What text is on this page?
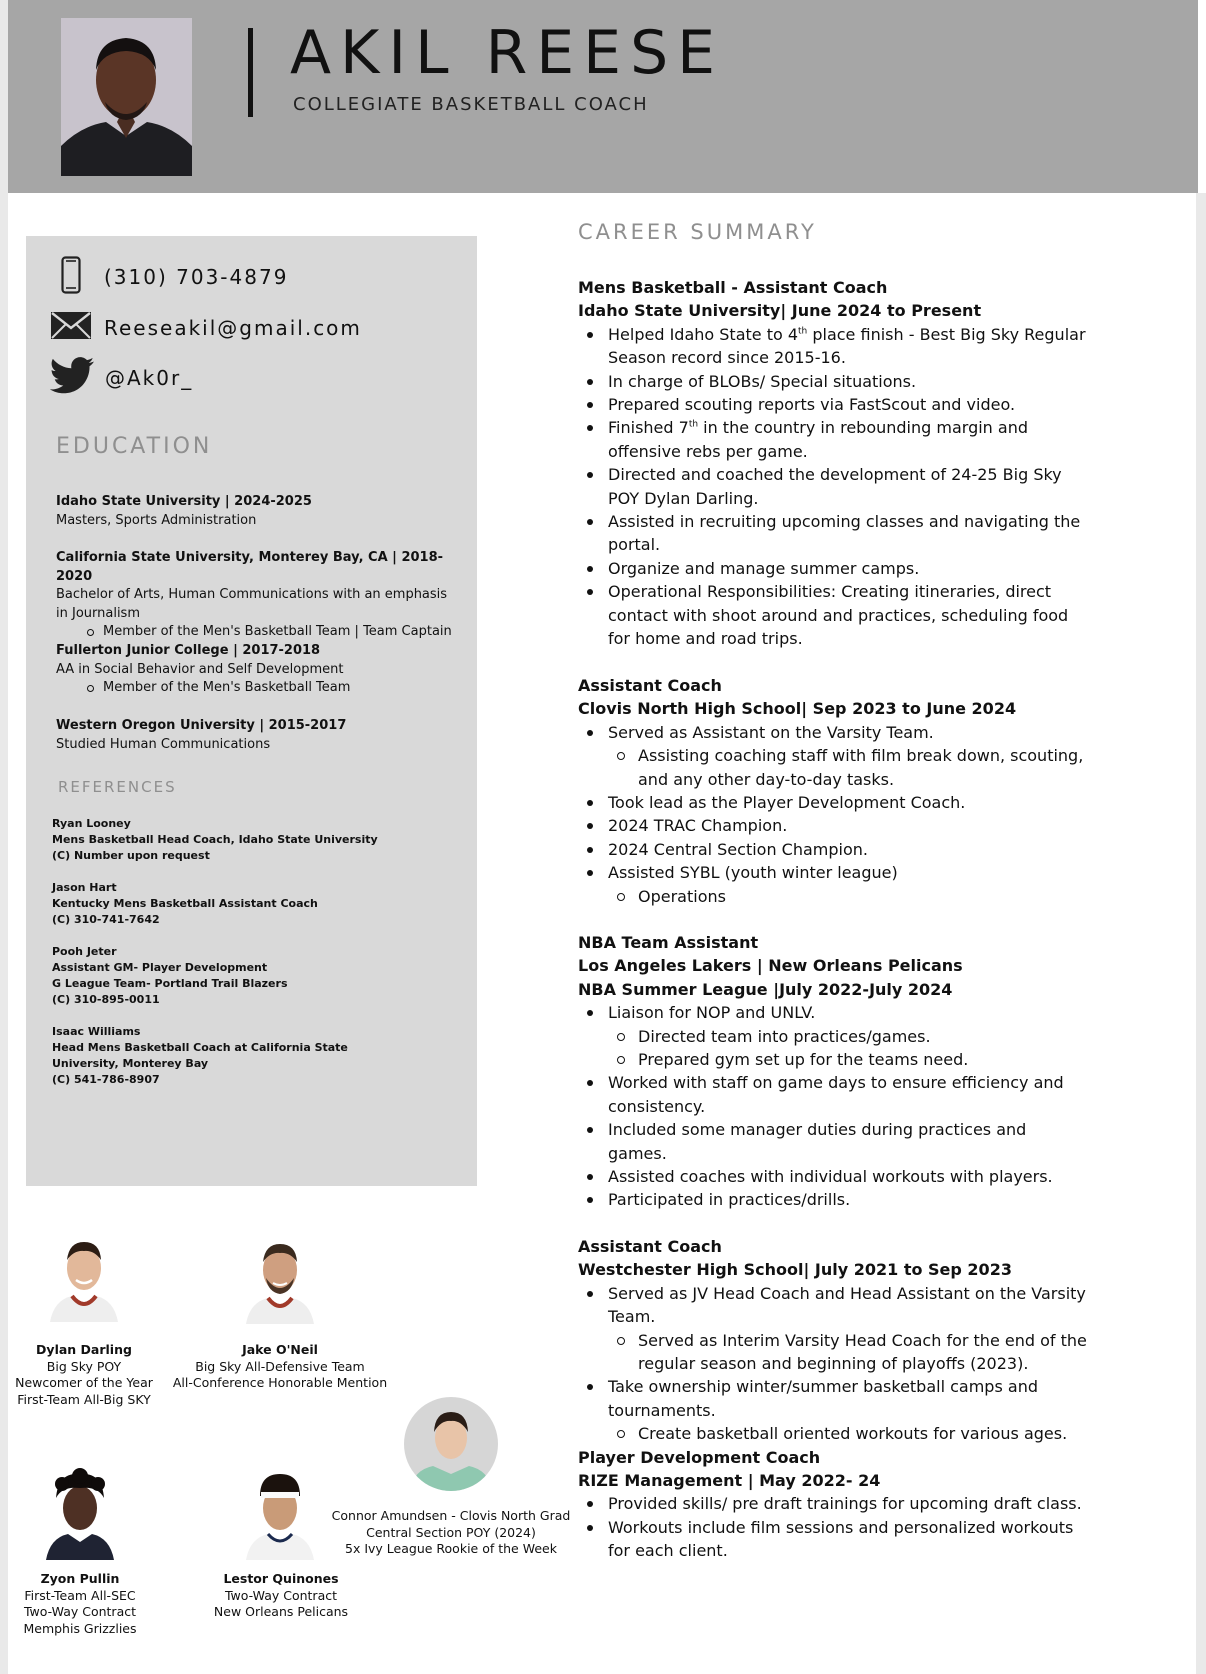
AKIL REESE
COLLEGIATE BASKETBALL COACH
(310) 703-4879
Reeseakil@gmail.com
@Ak0r_
EDUCATION
Idaho State University | 2024-2025
Masters, Sports Administration
California State University, Monterey Bay, CA | 2018-2020
Bachelor of Arts, Human Communications with an emphasis in Journalism
Member of the Men's Basketball Team | Team Captain
Fullerton Junior College | 2017-2018
AA in Social Behavior and Self Development
Member of the Men's Basketball Team
Western Oregon University | 2015-2017
Studied Human Communications
REFERENCES
Ryan Looney
Mens Basketball Head Coach, Idaho State University
(C) Number upon request
Jason Hart
Kentucky Mens Basketball Assistant Coach
(C) 310-741-7642
Pooh Jeter
Assistant GM- Player Development
G League Team- Portland Trail Blazers
(C) 310-895-0011
Isaac Williams
Head Mens Basketball Coach at California State
University, Monterey Bay
(C) 541-786-8907
CAREER SUMMARY
Mens Basketball - Assistant Coach
Idaho State University| June 2024 to Present
Helped Idaho State to 4th place finish - Best Big Sky Regular Season record since 2015-16.
In charge of BLOBs/ Special situations.
Prepared scouting reports via FastScout and video.
Finished 7th in the country in rebounding margin and offensive rebs per game.
Directed and coached the development of 24-25 Big Sky POY Dylan Darling.
Assisted in recruiting upcoming classes and navigating the portal.
Organize and manage summer camps.
Operational Responsibilities: Creating itineraries, direct contact with shoot around and practices, scheduling food for home and road trips.
Assistant Coach
Clovis North High School| Sep 2023 to June 2024
Served as Assistant on the Varsity Team.
Assisting coaching staff with film break down, scouting, and any other day-to-day tasks.
Took lead as the Player Development Coach.
2024 TRAC Champion.
2024 Central Section Champion.
Assisted SYBL (youth winter league)
Operations
NBA Team Assistant
Los Angeles Lakers | New Orleans Pelicans
NBA Summer League |July 2022-July 2024
Liaison for NOP and UNLV.
Directed team into practices/games.
Prepared gym set up for the teams need.
Worked with staff on game days to ensure efficiency and consistency.
Included some manager duties during practices and games.
Assisted coaches with individual workouts with players.
Participated in practices/drills.
Assistant Coach
Westchester High School| July 2021 to Sep 2023
Served as JV Head Coach and Head Assistant on the Varsity Team.
Served as Interim Varsity Head Coach for the end of the regular season and beginning of playoffs (2023).
Take ownership winter/summer basketball camps and tournaments.
Create basketball oriented workouts for various ages.
Player Development Coach
RIZE Management | May 2022- 24
Provided skills/ pre draft trainings for upcoming draft class.
Workouts include film sessions and personalized workouts for each client.
Dylan Darling
Big Sky POY
Newcomer of the Year
First-Team All-Big SKY
Jake O'Neil
Big Sky All-Defensive Team
All-Conference Honorable Mention
Connor Amundsen - Clovis North Grad
Central Section POY (2024)
5x Ivy League Rookie of the Week
Zyon Pullin
First-Team All-SEC
Two-Way Contract
Memphis Grizzlies
Lestor Quinones
Two-Way Contract
New Orleans Pelicans
